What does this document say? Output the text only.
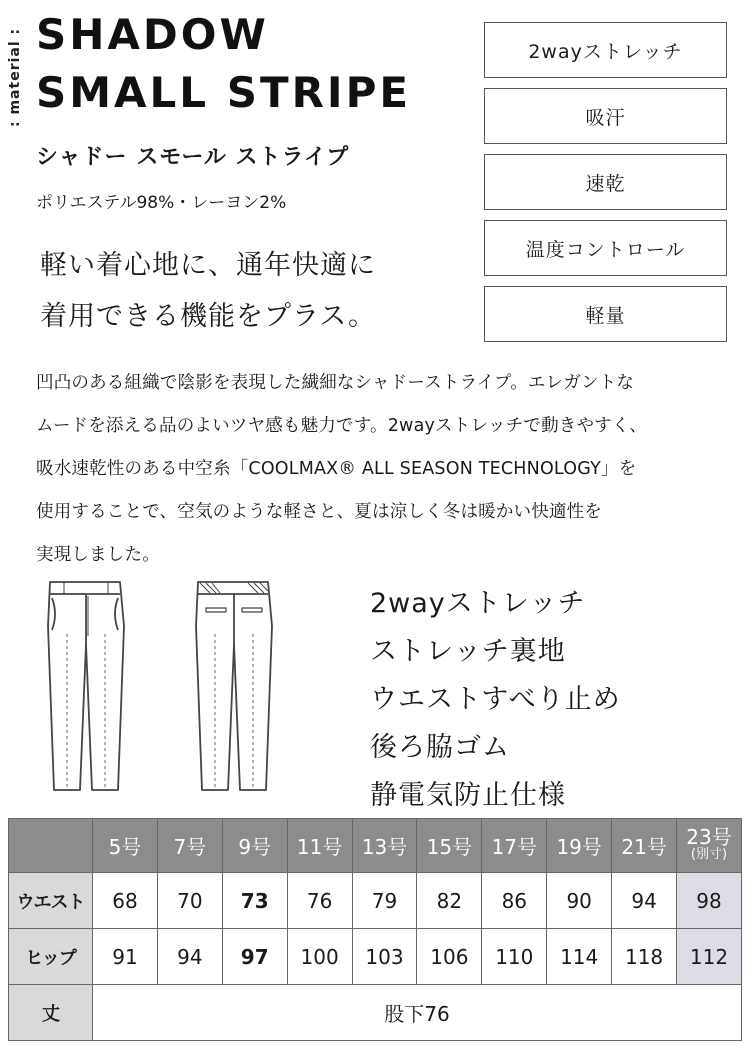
: material : SHADOW
SMALL STRIPE
シャドー スモール ストライプ
ポリエステル98%・レーヨン2%
軽い着心地に、通年快適に
着用できる機能をプラス。
2wayストレッチ
吸汗
速乾
温度コントロール
軽量
凹凸のある組織で陰影を表現した繊細なシャドーストライプ。エレガントな
ムードを添える品のよいツヤ感も魅力です。2wayストレッチで動きやすく、
吸水速乾性のある中空糸「COOLMAX® ALL SEASON TECHNOLOGY」を
使用することで、空気のような軽さと、夏は涼しく冬は暖かい快適性を
実現しました。
2wayストレッチ
ストレッチ裏地
ウエストすべり止め
後ろ脇ゴム
静電気防止仕様
	5号	7号	9号	11号	13号	15号	17号	19号	21号	23号
(別寸)

ウエスト	68	70	73	76	79	82	86	90	94	98
ヒップ	91	94	97	100	103	106	110	114	118	112
丈	股下76									
